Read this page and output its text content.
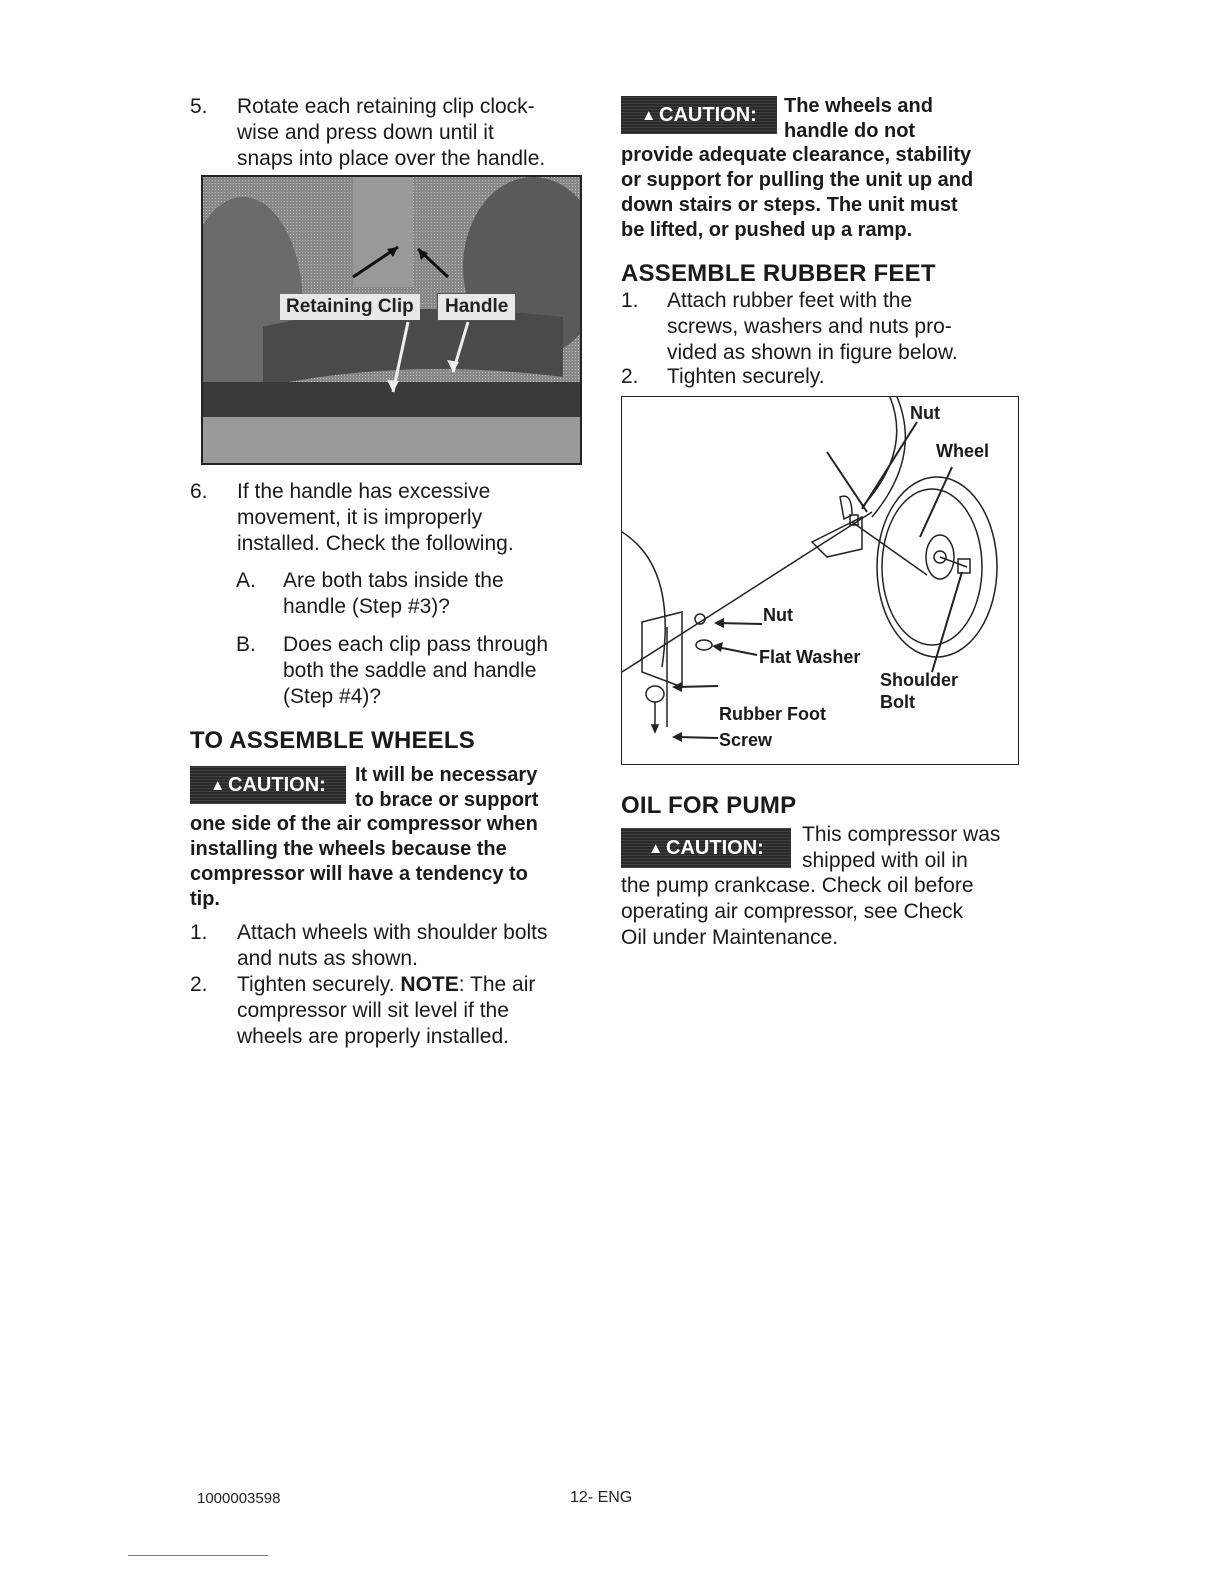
5. Rotate each retaining clip clock-
wise and press down until it
snaps into place over the handle.
Retaining Clip	Handle
6. If the handle has excessive
movement, it is improperly
installed. Check the following.
A. Are both tabs inside the
handle (Step #3)?
B. Does each clip pass through
both the saddle and handle
(Step #4)?
TO ASSEMBLE WHEELS
▲ CAUTION: It will be necessary
to brace or support
one side of the air compressor when
installing the wheels because the
compressor will have a tendency to
tip.
1. Attach wheels with shoulder bolts
and nuts as shown.
2. Tighten securely. NOTE: The air
compressor will sit level if the
wheels are properly installed.
▲ CAUTION: The wheels and
handle do not
provide adequate clearance, stability
or support for pulling the unit up and
down stairs or steps. The unit must
be lifted, or pushed up a ramp.
ASSEMBLE RUBBER FEET
1. Attach rubber feet with the
screws, washers and nuts pro-
vided as shown in figure below.
2. Tighten securely.
Nut
Wheel
Nut
Flat Washer
Shoulder
Bolt
Rubber Foot
Screw
OIL FOR PUMP
▲ CAUTION:
This compressor was
shipped with oil in
the pump crankcase. Check oil before
operating air compressor, see Check
Oil under Maintenance.
1000003598	12- ENG
